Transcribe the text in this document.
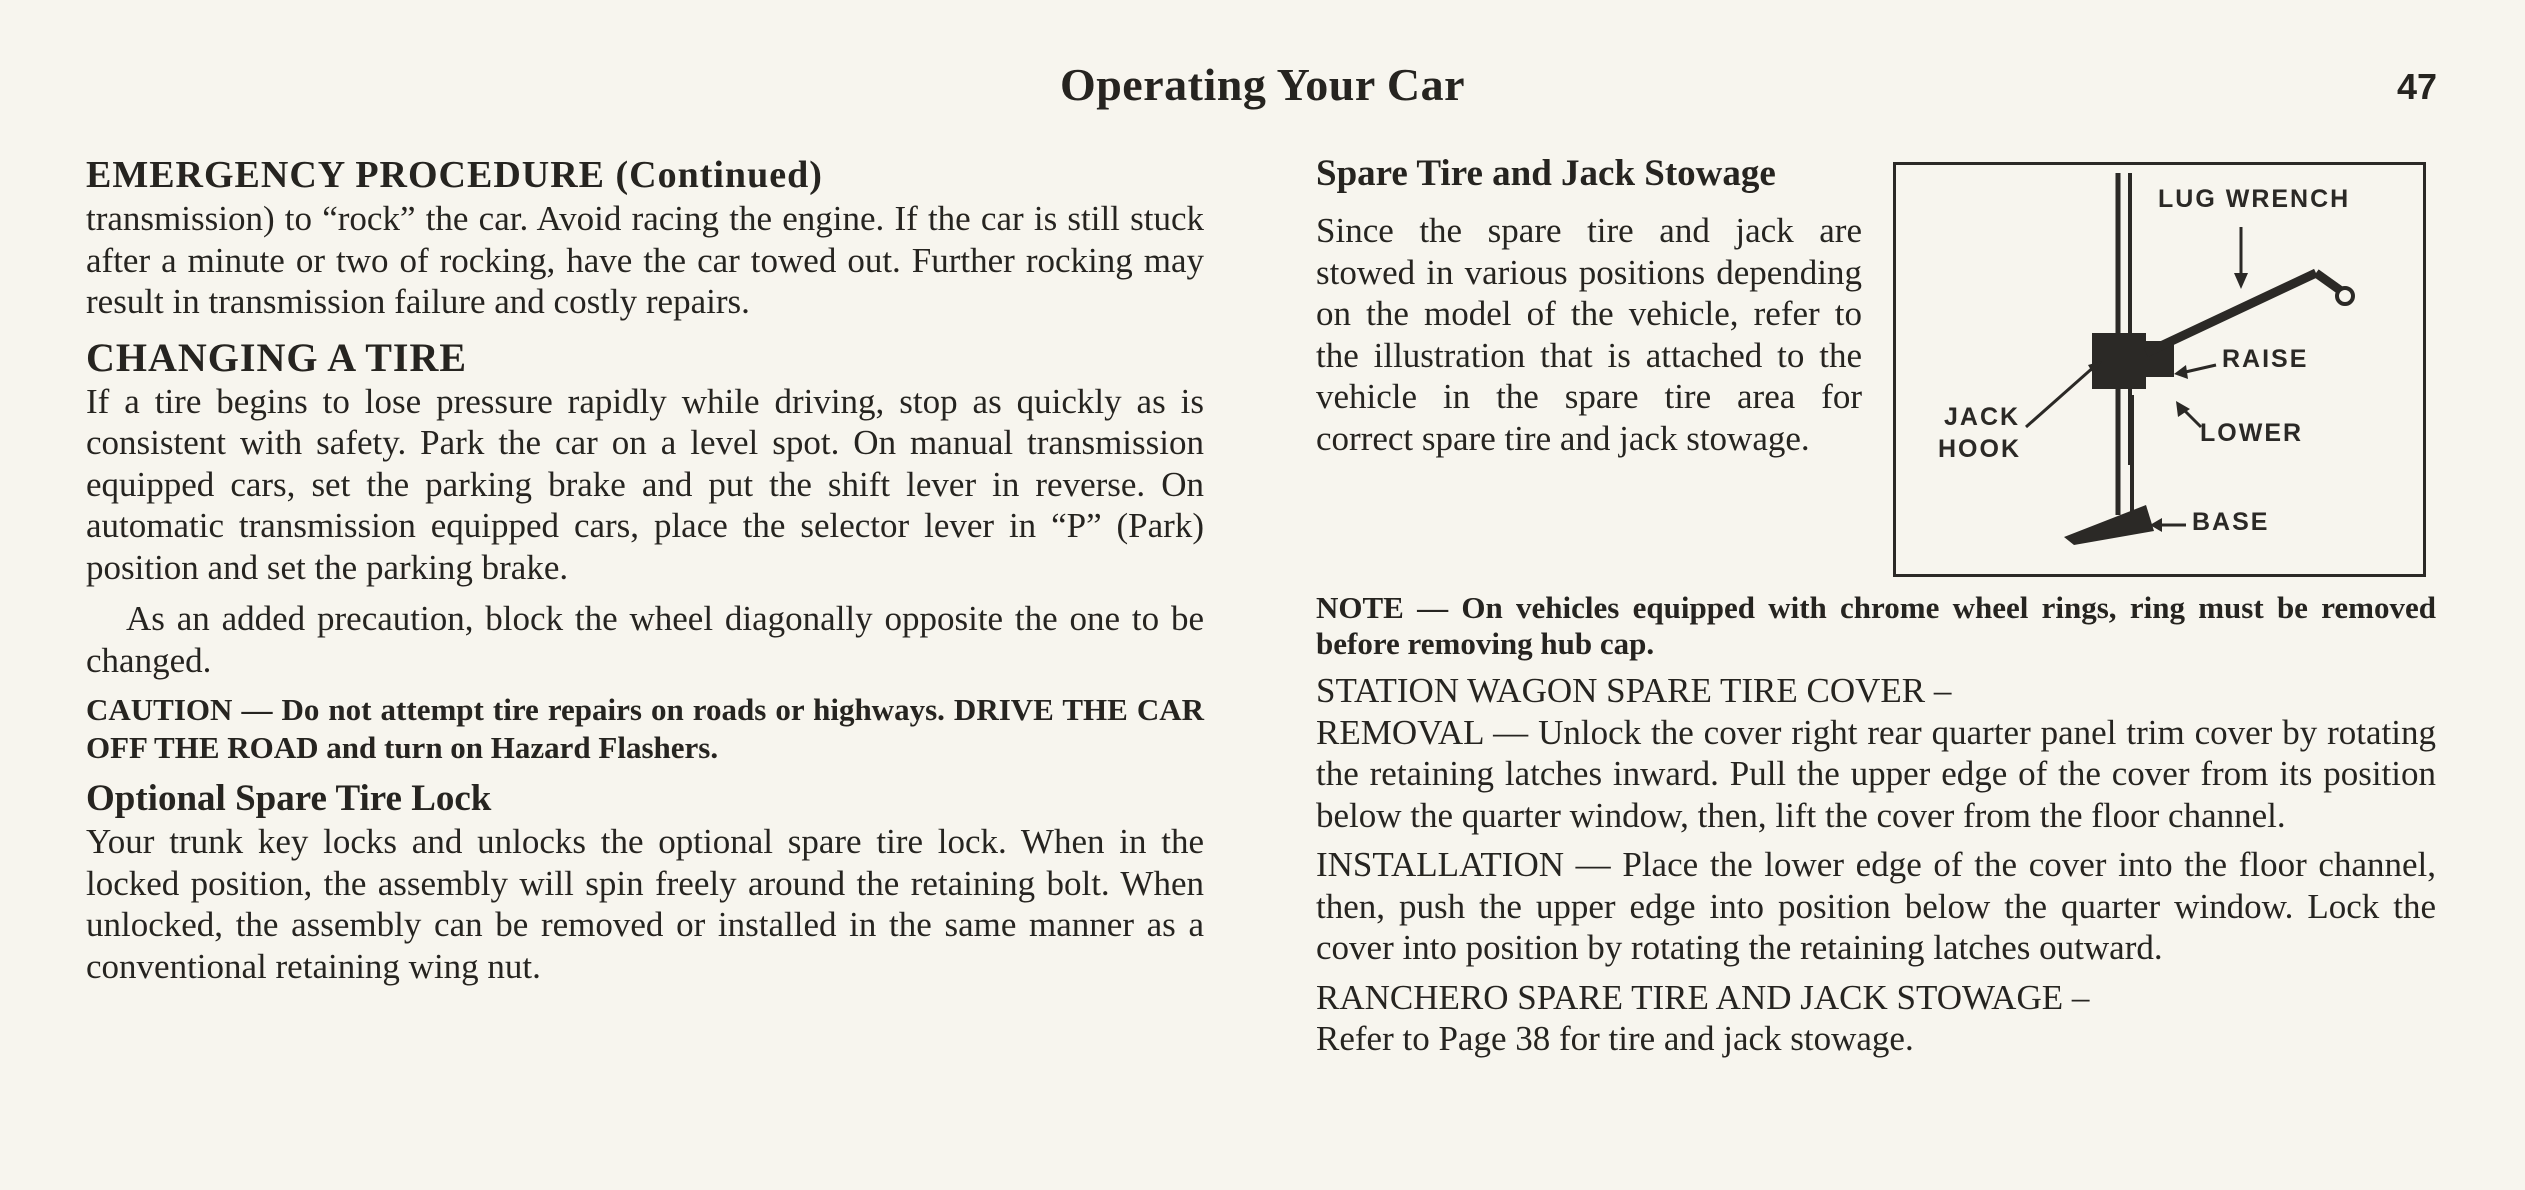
Operating Your Car	47
EMERGENCY PROCEDURE (Continued)

transmission) to “rock” the car. Avoid racing the engine. If the car is still stuck after a minute or two of rocking, have the car towed out. Further rocking may result in transmission failure and costly repairs.

CHANGING A TIRE

If a tire begins to lose pressure rapidly while driving, stop as quickly as is consistent with safety. Park the car on a level spot. On manual transmission equipped cars, set the parking brake and put the shift lever in reverse. On automatic transmission equipped cars, place the selector lever in “P” (Park) position and set the parking brake.

As an added precaution, block the wheel diagonally opposite the one to be changed.

CAUTION — Do not attempt tire repairs on roads or highways. DRIVE THE CAR OFF THE ROAD and turn on Hazard Flashers.

Optional Spare Tire Lock

Your trunk key locks and unlocks the optional spare tire lock. When in the locked position, the assembly will spin freely around the retaining bolt. When unlocked, the assembly can be removed or installed in the same manner as a conventional retaining wing nut.

Spare Tire and Jack Stowage

Since the spare tire and jack are stowed in various positions depending on the model of the vehicle, refer to the illustration that is attached to the vehicle in the spare tire area for correct spare tire and jack stowage.

LUG WRENCH
RAISE
JACK
HOOK
LOWER
BASE

NOTE — On vehicles equipped with chrome wheel rings, ring must be removed before removing hub cap.

STATION WAGON SPARE TIRE COVER –

REMOVAL — Unlock the cover right rear quarter panel trim cover by rotating the retaining latches inward. Pull the upper edge of the cover from its position below the quarter window, then, lift the cover from the floor channel.

INSTALLATION — Place the lower edge of the cover into the floor channel, then, push the upper edge into position below the quarter window. Lock the cover into position by rotating the retaining latches outward.

RANCHERO SPARE TIRE AND JACK STOWAGE –

Refer to Page 38 for tire and jack stowage.
